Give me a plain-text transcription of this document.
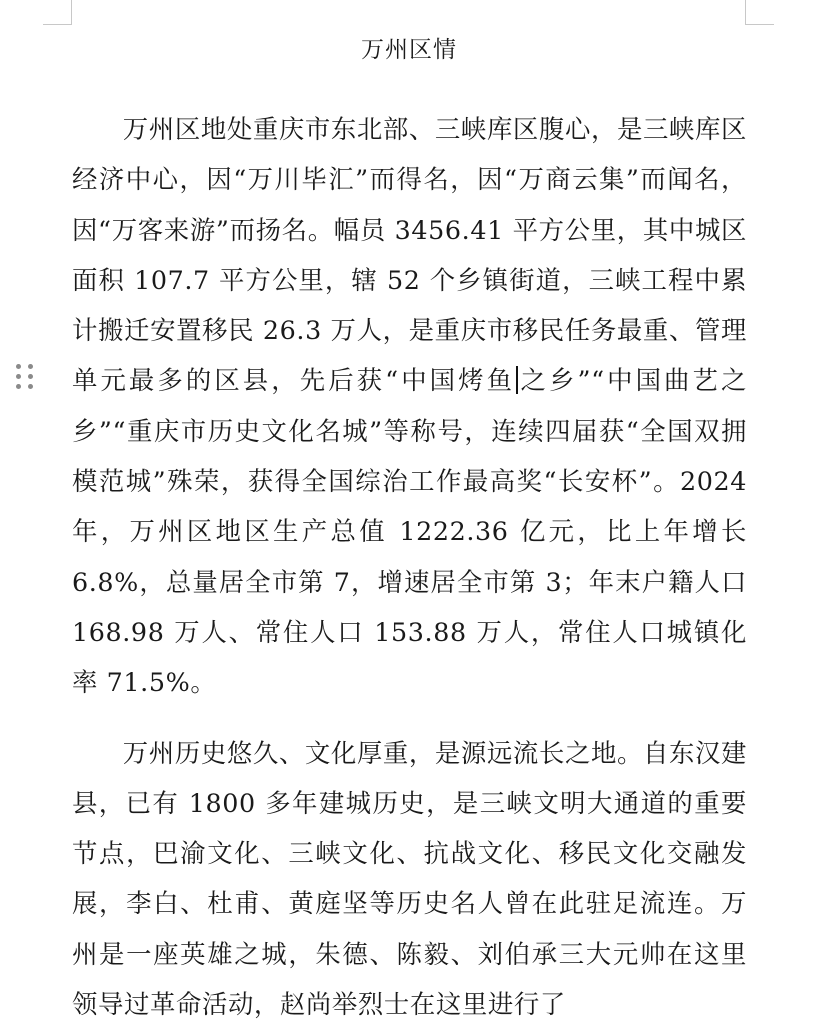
万州区情

万州区地处重庆市东北部、三峡库区腹心，是三峡库区经济中心，因“万川毕汇”而得名，因“万商云集”而闻名，因“万客来游”而扬名。幅员 3456.41 平方公里，其中城区面积 107.7 平方公里，辖 52 个乡镇街道，三峡工程中累计搬迁安置移民 26.3 万人，是重庆市移民任务最重、管理单元最多的区县，先后获“中国烤鱼 之乡”“中国曲艺之乡”“重庆市历史文化名城”等称号，连续四届获“全国双拥模范城”殊荣，获得全国综治工作最高奖“长安杯”。2024 年，万州区地区生产总值 1222.36 亿元，比上年增长 6.8%，总量居全市第 7，增速居全市第 3；年末户籍人口 168.98 万人、常住人口 153.88 万人，常住人口城镇化率 71.5%。

万州历史悠久、文化厚重，是源远流长之地。自东汉建县，已有 1800 多年建城历史，是三峡文明大通道的重要节点，巴渝文化、三峡文化、抗战文化、移民文化交融发展，李白、杜甫、黄庭坚等历史名人曾在此驻足流连。万州是一座英雄之城，朱德、陈毅、刘伯承三大元帅在这里领导过革命活动，赵尚举烈士在这里进行了
